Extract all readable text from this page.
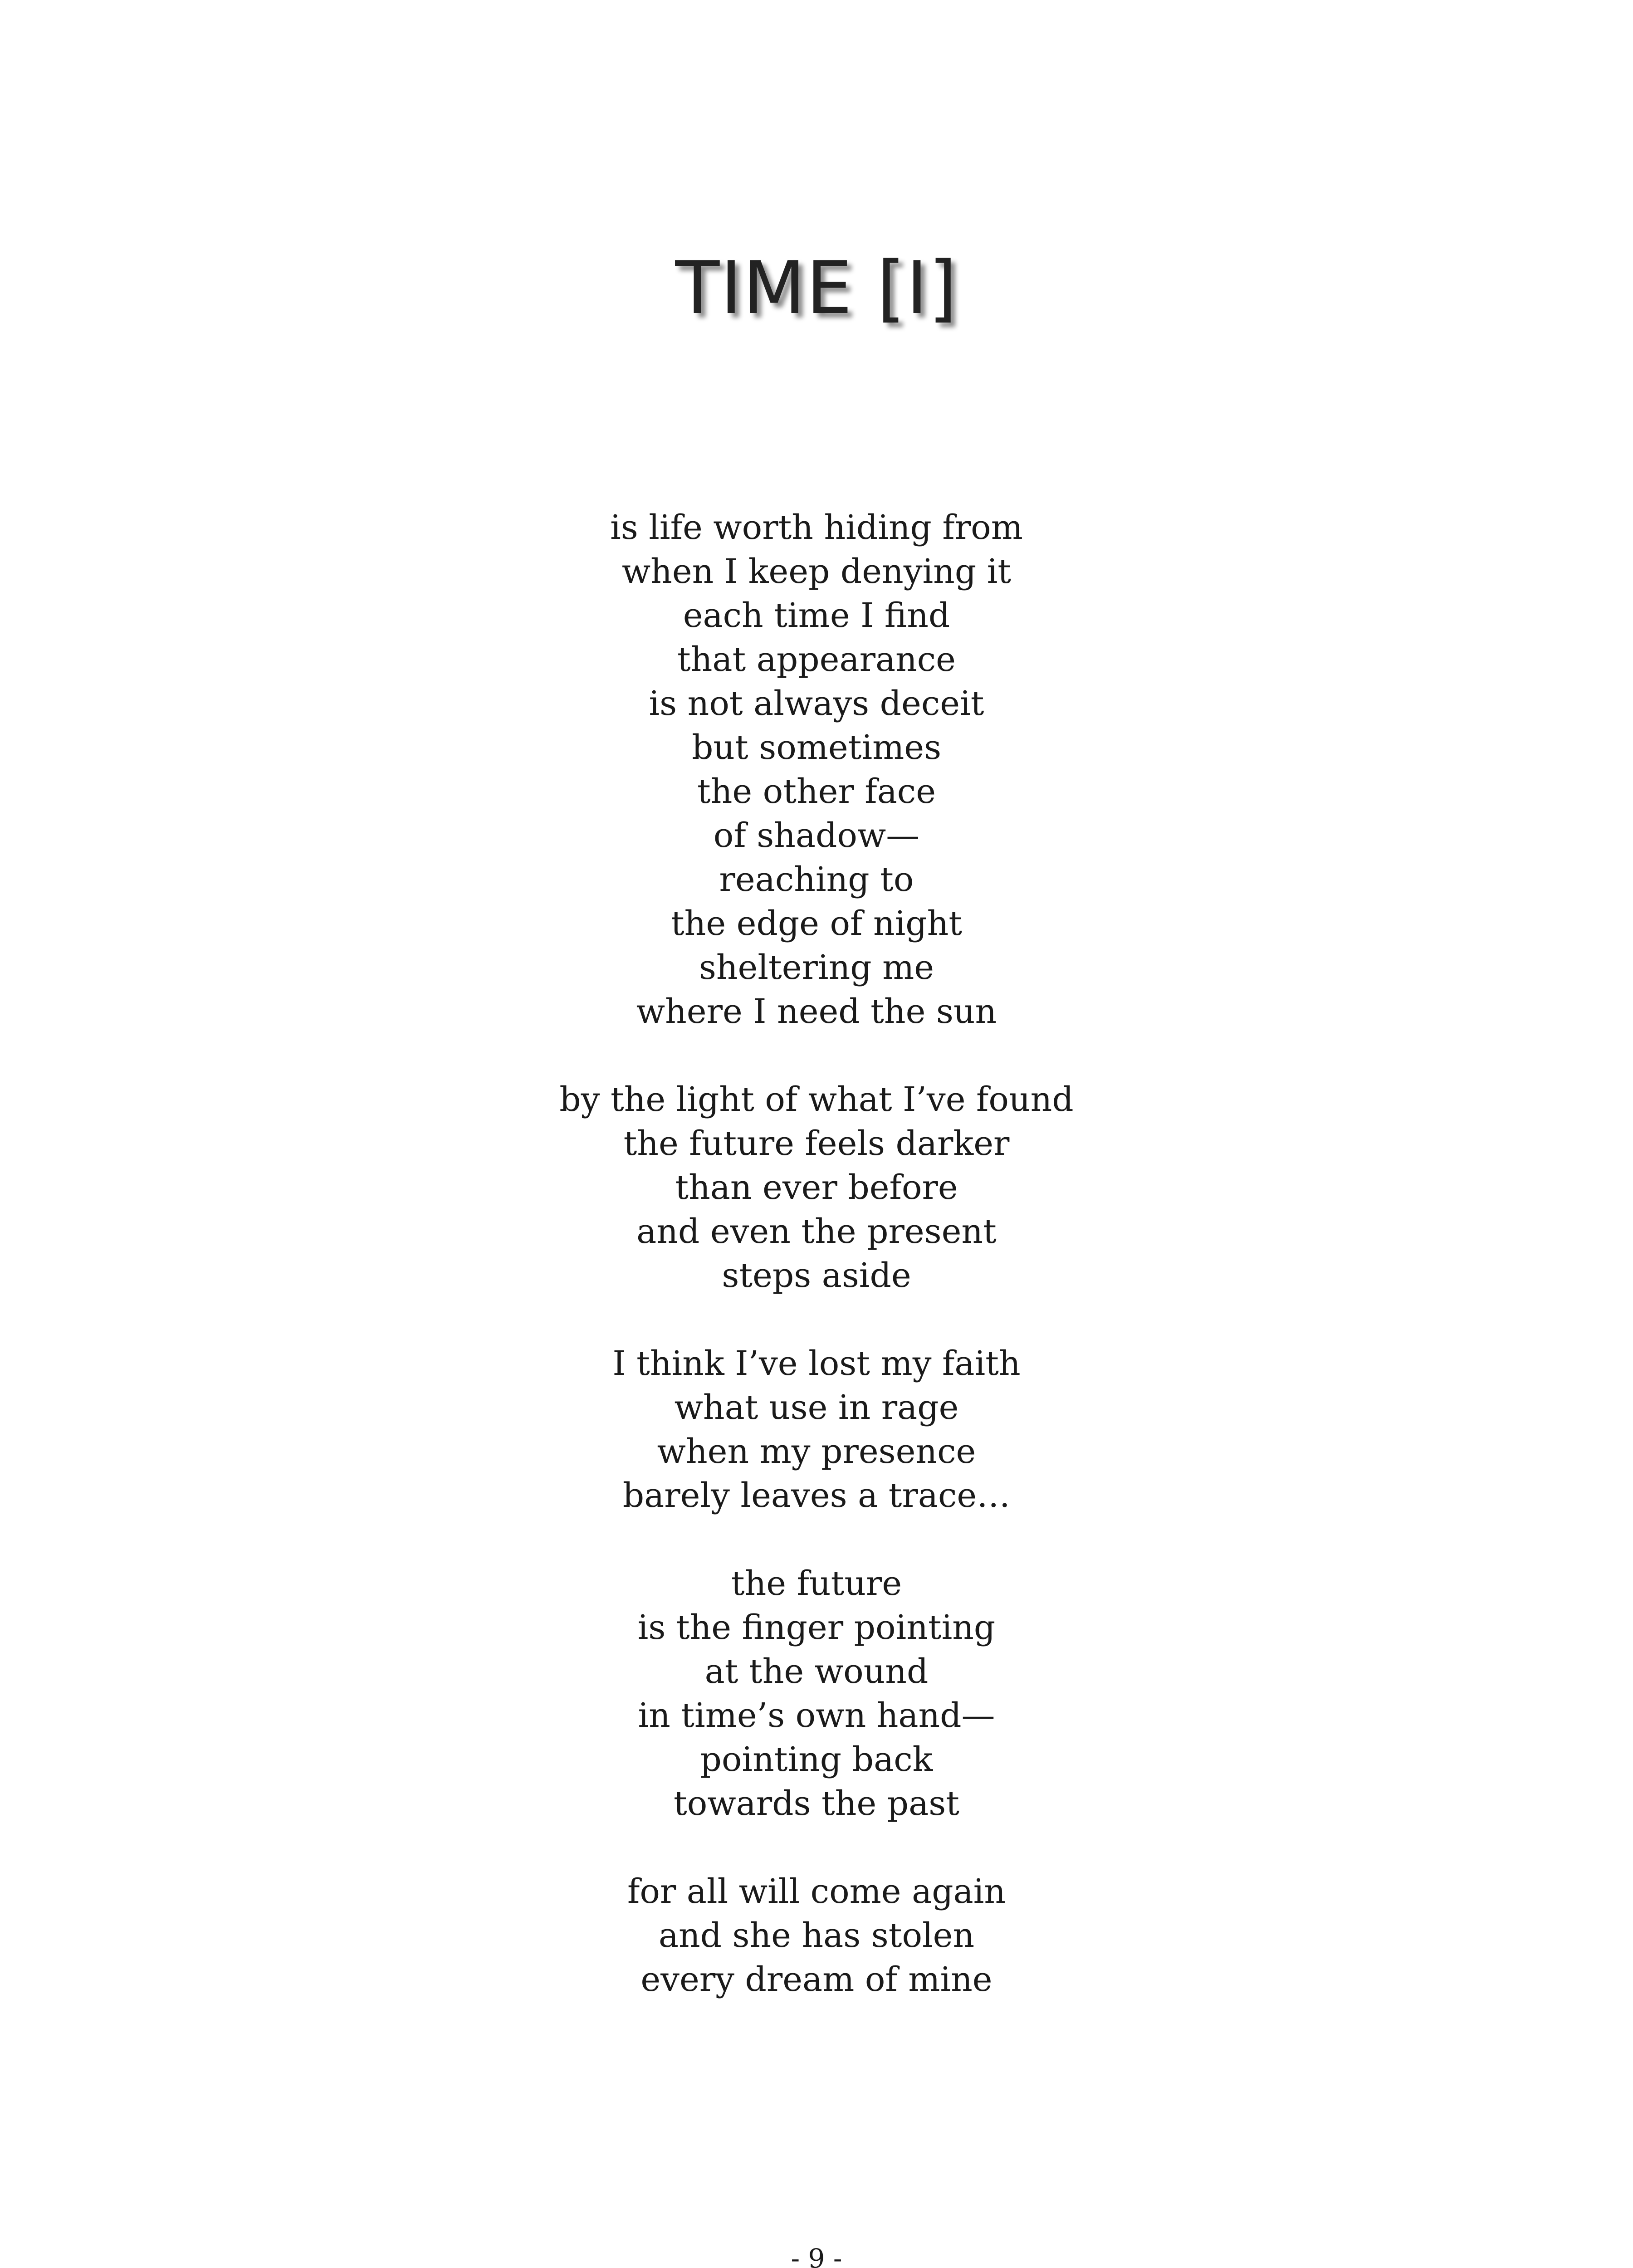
TIME [I]
is life worth hiding from
when I keep denying it
each time I find
that appearance
is not always deceit
but sometimes
the other face
of shadow—
reaching to
the edge of night
sheltering me
where I need the sun
by the light of what I’ve found
the future feels darker
than ever before
and even the present
steps aside
I think I’ve lost my faith
what use in rage
when my presence
barely leaves a trace…
the future
is the finger pointing
at the wound
in time’s own hand—
pointing back
towards the past
for all will come again
and she has stolen
every dream of mine
- 9 -
